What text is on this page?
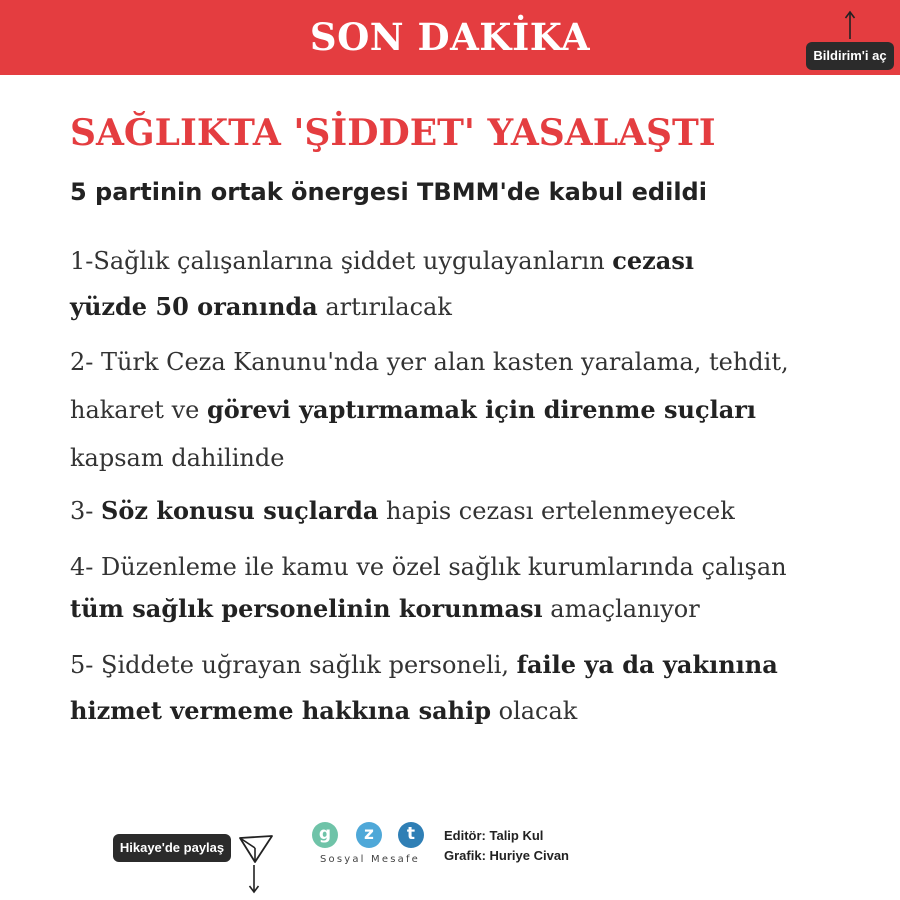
SON DAKİKA	Bildirim'i aç
SAĞLIKTA 'ŞİDDET' YASALAŞTI
5 partinin ortak önergesi TBMM'de kabul edildi
1-Sağlık çalışanlarına şiddet uygulayanların cezası
yüzde 50 oranında artırılacak
2- Türk Ceza Kanunu'nda yer alan kasten yaralama, tehdit,
hakaret ve görevi yaptırmamak için direnme suçları
kapsam dahilinde
3- Söz konusu suçlarda hapis cezası ertelenmeyecek
4- Düzenleme ile kamu ve özel sağlık kurumlarında çalışan
tüm sağlık personelinin korunması amaçlanıyor
5- Şiddete uğrayan sağlık personeli, faile ya da yakınına
hizmet vermeme hakkına sahip olacak
Hikaye'de paylaş
g	z	t
Sosyal Mesafe
Editör: Talip Kul
Grafik: Huriye Civan
